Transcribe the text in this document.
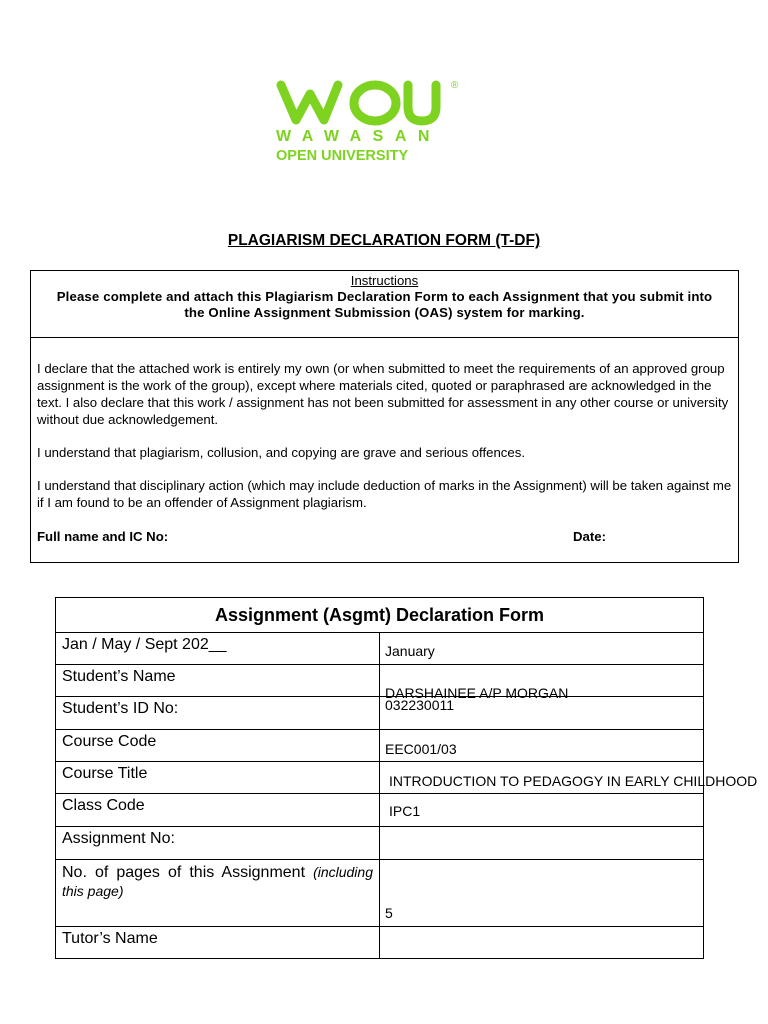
®
WAWASAN
OPEN UNIVERSITY
PLAGIARISM DECLARATION FORM (T-DF)
Instructions
Please complete and attach this Plagiarism Declaration Form to each Assignment that you submit into the Online Assignment Submission (OAS) system for marking.

I declare that the attached work is entirely my own (or when submitted to meet the requirements of an approved group assignment is the work of the group), except where materials cited, quoted or paraphrased are acknowledged in the text. I also declare that this work / assignment has not been submitted for assessment in any other course or university without due acknowledgement.

I understand that plagiarism, collusion, and copying are grave and serious offences.

I understand that disciplinary action (which may include deduction of marks in the Assignment) will be taken against me if I am found to be an offender of Assignment plagiarism.

Full name and IC No:	Date:
Assignment (Asgmt) Declaration Form	
Jan / May / Sept 202__	January

Student’s Name	DARSHAINEE A/P MORGAN

Student’s ID No:	032230011

Course Code	EEC001/03

Course Title	INTRODUCTION TO PEDAGOGY IN EARLY CHILDHOOD

Class Code	IPC1

Assignment No:	

No. of pages of this Assignment (including this page)	5

Tutor’s Name	
